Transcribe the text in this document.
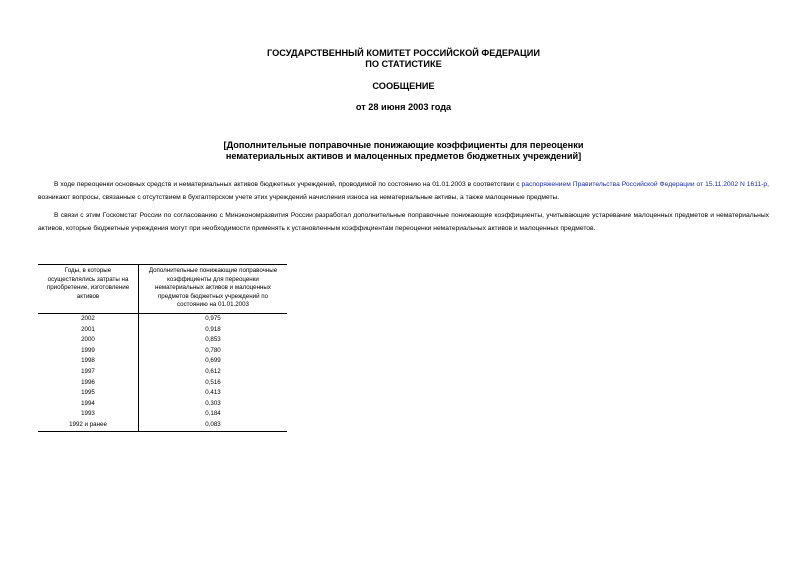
ГОСУДАРСТВЕННЫЙ КОМИТЕТ РОССИЙСКОЙ ФЕДЕРАЦИИ
ПО СТАТИСТИКЕ
СООБЩЕНИЕ
от 28 июня 2003 года
[Дополнительные поправочные понижающие коэффициенты для переоценки
нематериальных активов и малоценных предметов бюджетных учреждений]
В ходе переоценки основных средств и нематериальных активов бюджетных учреждений, проводимой по состоянию на 01.01.2003 в соответствии с распоряжением Правительства Российской Федерации от 15.11.2002 N 1611-р, возникают вопросы, связанные с отсутствием в бухгалтерском учете этих учреждений начисления износа на нематериальные активы, а также малоценные предметы.
В связи с этим Госкомстат России по согласованию с Минэкономразвития России разработал дополнительные поправочные понижающие коэффициенты, учитывающие устаревание малоценных предметов и нематериальных активов, которые бюджетные учреждения могут при необходимости применять к установленным коэффициентам переоценки нематериальных активов и малоценных предметов.
Годы, в которые осуществлялись затраты на приобретение, изготовление активов	Дополнительные понижающие поправочные коэффициенты для переоценки нематериальных активов и малоценных предметов бюджетных учреждений по состоянию на 01.01.2003
2002	0,975
2001	0,918
2000	0,853
1999	0,780
1998	0,699
1997	0,612
1996	0,516
1995	0,413
1994	0,303
1993	0,184
1992 и ранее	0,083
